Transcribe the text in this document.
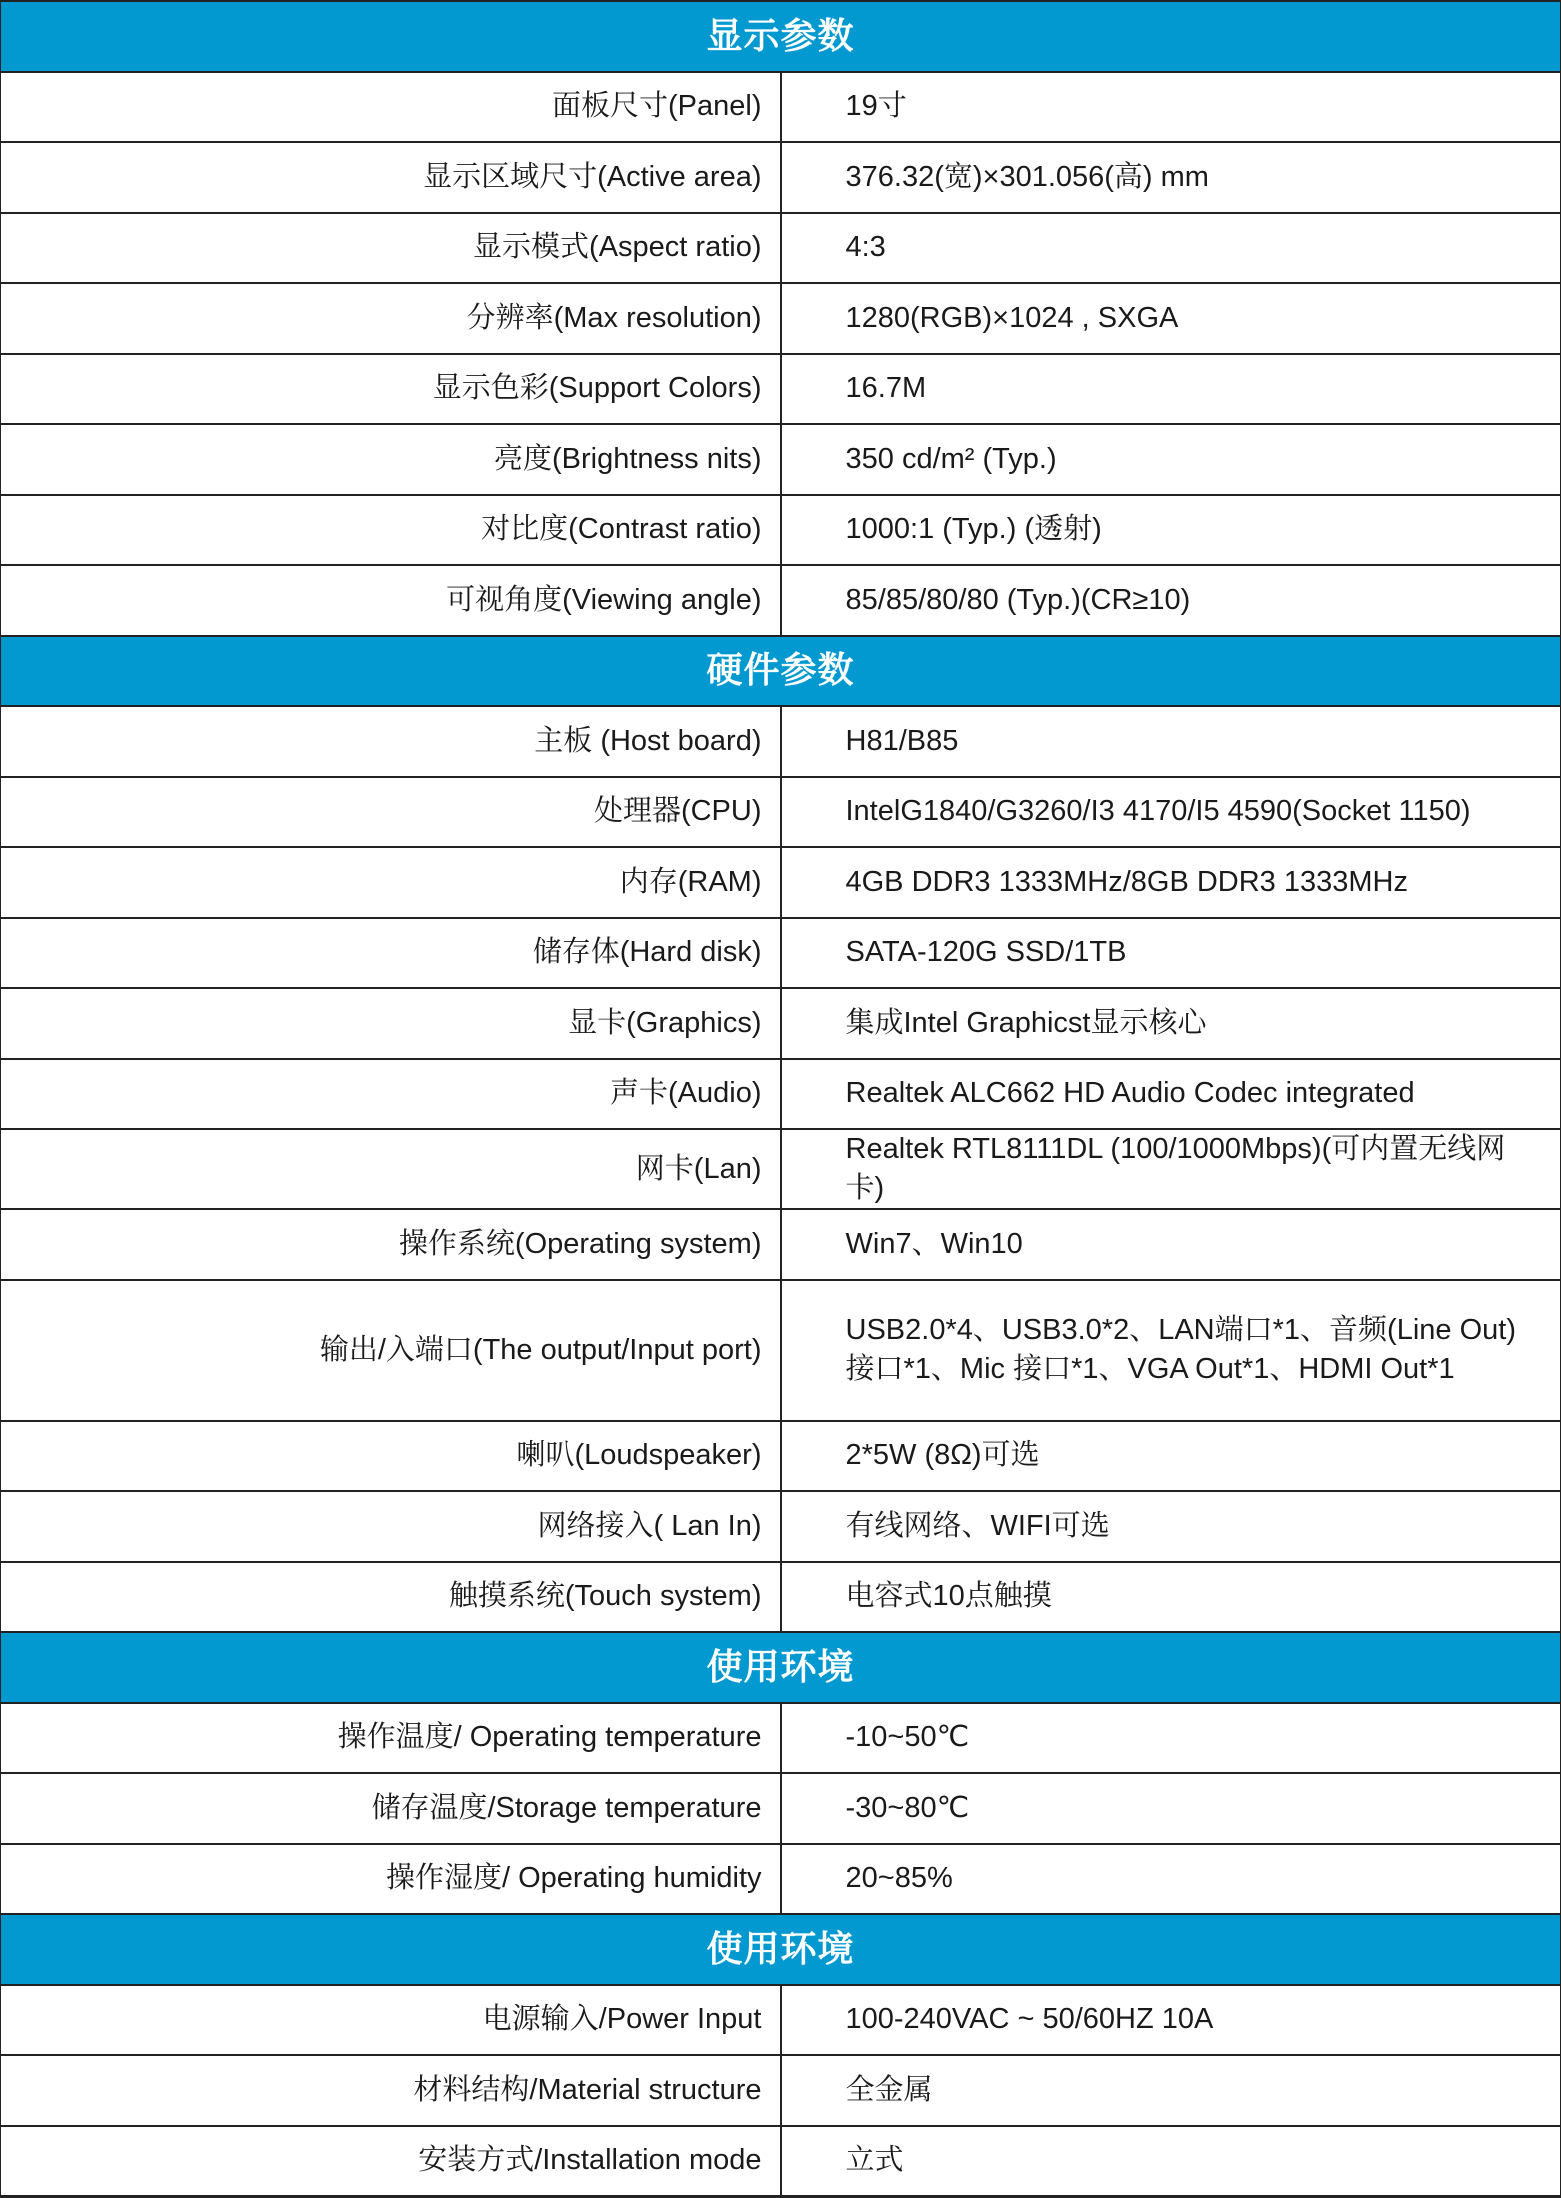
显示参数	
面板尺寸(Panel)	19寸
显示区域尺寸(Active area)	376.32(宽)×301.056(高) mm
显示模式(Aspect ratio)	4:3
分辨率(Max resolution)	1280(RGB)×1024 , SXGA
显示色彩(Support Colors)	16.7M
亮度(Brightness nits)	350 cd/m² (Typ.)
对比度(Contrast ratio)	1000:1 (Typ.) (透射)
可视角度(Viewing angle)	85/85/80/80 (Typ.)(CR≥10)
硬件参数	
主板 (Host board)	H81/B85
处理器(CPU)	IntelG1840/G3260/I3 4170/I5 4590(Socket 1150)
内存(RAM)	4GB DDR3 1333MHz/8GB DDR3 1333MHz
储存体(Hard disk)	SATA-120G SSD/1TB
显卡(Graphics)	集成Intel Graphicst显示核心
声卡(Audio)	Realtek ALC662 HD Audio Codec integrated
网卡(Lan)	Realtek RTL8111DL (100/1000Mbps)(可内置无线网卡)
操作系统(Operating system)	Win7、Win10
输出/入端口(The output/Input port)	USB2.0*4、USB3.0*2、LAN端口*1、音频(Line Out)接口*1、Mic 接口*1、VGA Out*1、HDMI Out*1
喇叭(Loudspeaker)	2*5W (8Ω)可选
网络接入( Lan In)	有线网络、WIFI可选
触摸系统(Touch system)	电容式10点触摸
使用环境	
操作温度/ Operating temperature	-10~50℃
储存温度/Storage temperature	-30~80℃
操作湿度/ Operating humidity	20~85%
使用环境	
电源输入/Power Input	100-240VAC ~ 50/60HZ 10A
材料结构/Material structure	全金属
安装方式/Installation mode	立式
